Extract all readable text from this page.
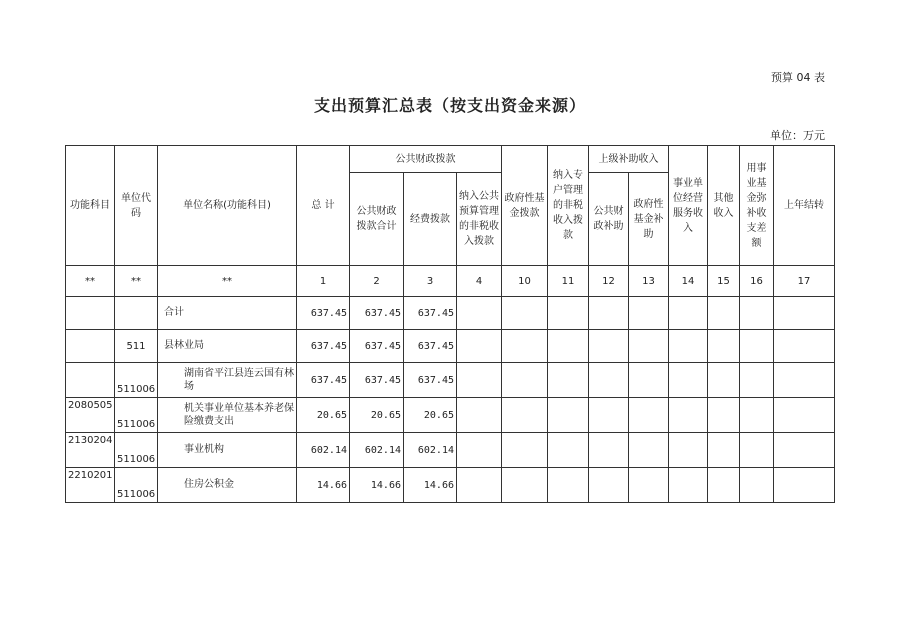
预算 04 表
支出预算汇总表（按支出资金来源）
单位：万元
功能科目	单位代码	单位名称(功能科目)	总 计	公共财政拨款			政府性基金拨款	纳入专户管理的非税收入拨款	上级补助收入		事业单位经营服务收入	其他收入	用事业基金弥补收支差额	上年结转
				公共财政拨款合计	经费拨款	纳入公共预算管理的非税收入拨款			公共财政补助	政府性基金补助				
**	**	**	1	2	3	4	10	11	12	13	14	15	16	17
		合计	637.45	637.45	637.45									
	511	县林业局	637.45	637.45	637.45									
	511006	湖南省平江县连云国有林场	637.45	637.45	637.45									
2080505	511006	机关事业单位基本养老保险缴费支出	20.65	20.65	20.65									
2130204	511006	事业机构	602.14	602.14	602.14									
2210201	511006	住房公积金	14.66	14.66	14.66									
